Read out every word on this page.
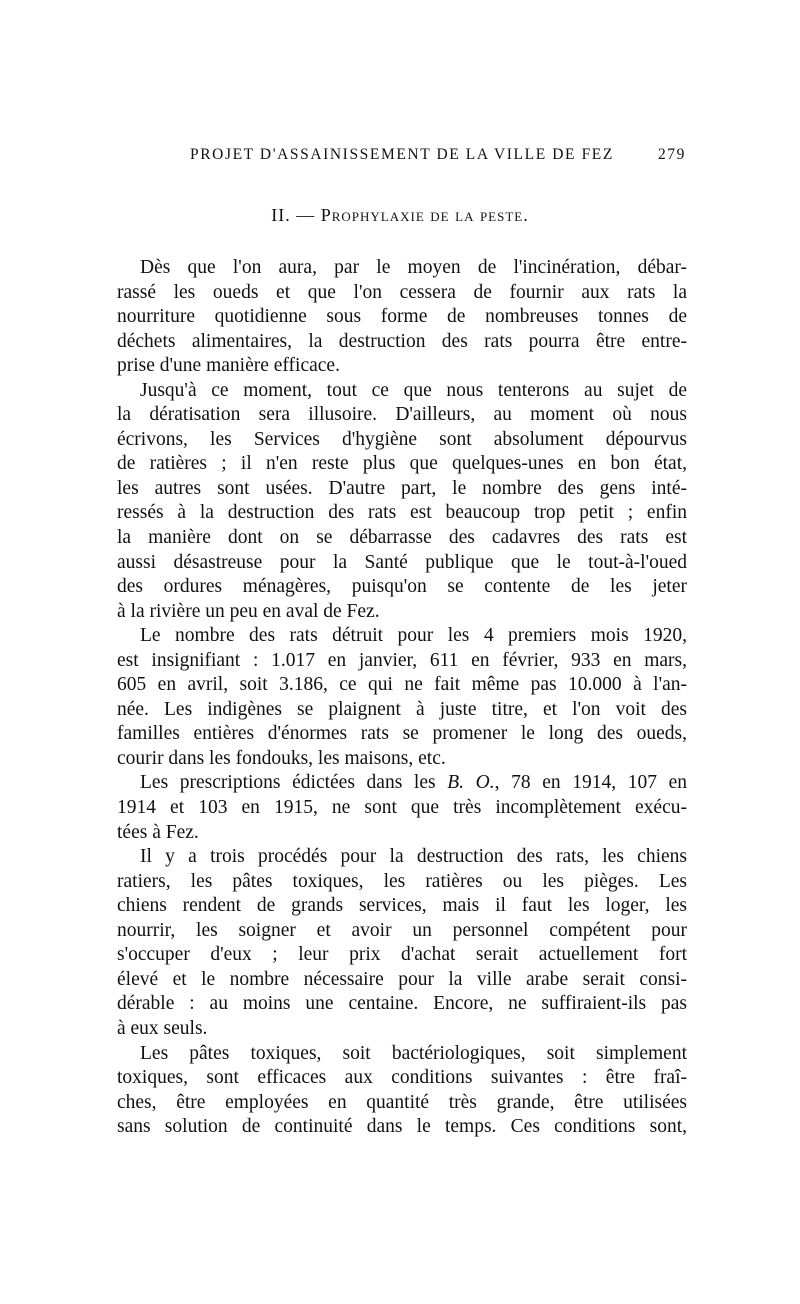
PROJET D'ASSAINISSEMENT DE LA VILLE DE FEZ	279
II. — Prophylaxie de la peste.
Dès que l'on aura, par le moyen de l'incinération, débar-
rassé les oueds et que l'on cessera de fournir aux rats la
nourriture quotidienne sous forme de nombreuses tonnes de
déchets alimentaires, la destruction des rats pourra être entre-
prise d'une manière efficace.
Jusqu'à ce moment, tout ce que nous tenterons au sujet de
la dératisation sera illusoire. D'ailleurs, au moment où nous
écrivons, les Services d'hygiène sont absolument dépourvus
de ratières ; il n'en reste plus que quelques-unes en bon état,
les autres sont usées. D'autre part, le nombre des gens inté-
ressés à la destruction des rats est beaucoup trop petit ; enfin
la manière dont on se débarrasse des cadavres des rats est
aussi désastreuse pour la Santé publique que le tout-à-l'oued
des ordures ménagères, puisqu'on se contente de les jeter
à la rivière un peu en aval de Fez.
Le nombre des rats détruit pour les 4 premiers mois 1920,
est insignifiant : 1.017 en janvier, 611 en février, 933 en mars,
605 en avril, soit 3.186, ce qui ne fait même pas 10.000 à l'an-
née. Les indigènes se plaignent à juste titre, et l'on voit des
familles entières d'énormes rats se promener le long des oueds,
courir dans les fondouks, les maisons, etc.
Les prescriptions édictées dans les B. O., 78 en 1914, 107 en
1914 et 103 en 1915, ne sont que très incomplètement exécu-
tées à Fez.
Il y a trois procédés pour la destruction des rats, les chiens
ratiers, les pâtes toxiques, les ratières ou les pièges. Les
chiens rendent de grands services, mais il faut les loger, les
nourrir, les soigner et avoir un personnel compétent pour
s'occuper d'eux ; leur prix d'achat serait actuellement fort
élevé et le nombre nécessaire pour la ville arabe serait consi-
dérable : au moins une centaine. Encore, ne suffiraient-ils pas
à eux seuls.
Les pâtes toxiques, soit bactériologiques, soit simplement
toxiques, sont efficaces aux conditions suivantes : être fraî-
ches, être employées en quantité très grande, être utilisées
sans solution de continuité dans le temps. Ces conditions sont,
